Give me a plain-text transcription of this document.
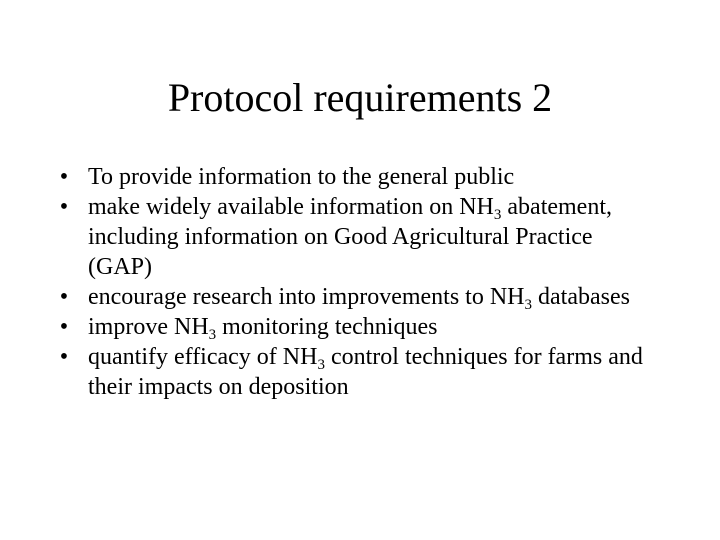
Protocol requirements 2
• To provide information to the general public
• make widely available information on $NH_3$ abatement, including information on Good Agricultural Practice (GAP)
• encourage research into improvements to $NH_3$ databases
• improve $NH_3$ monitoring techniques
• quantify efficacy of $NH_3$ control techniques for farms and their impacts on deposition
